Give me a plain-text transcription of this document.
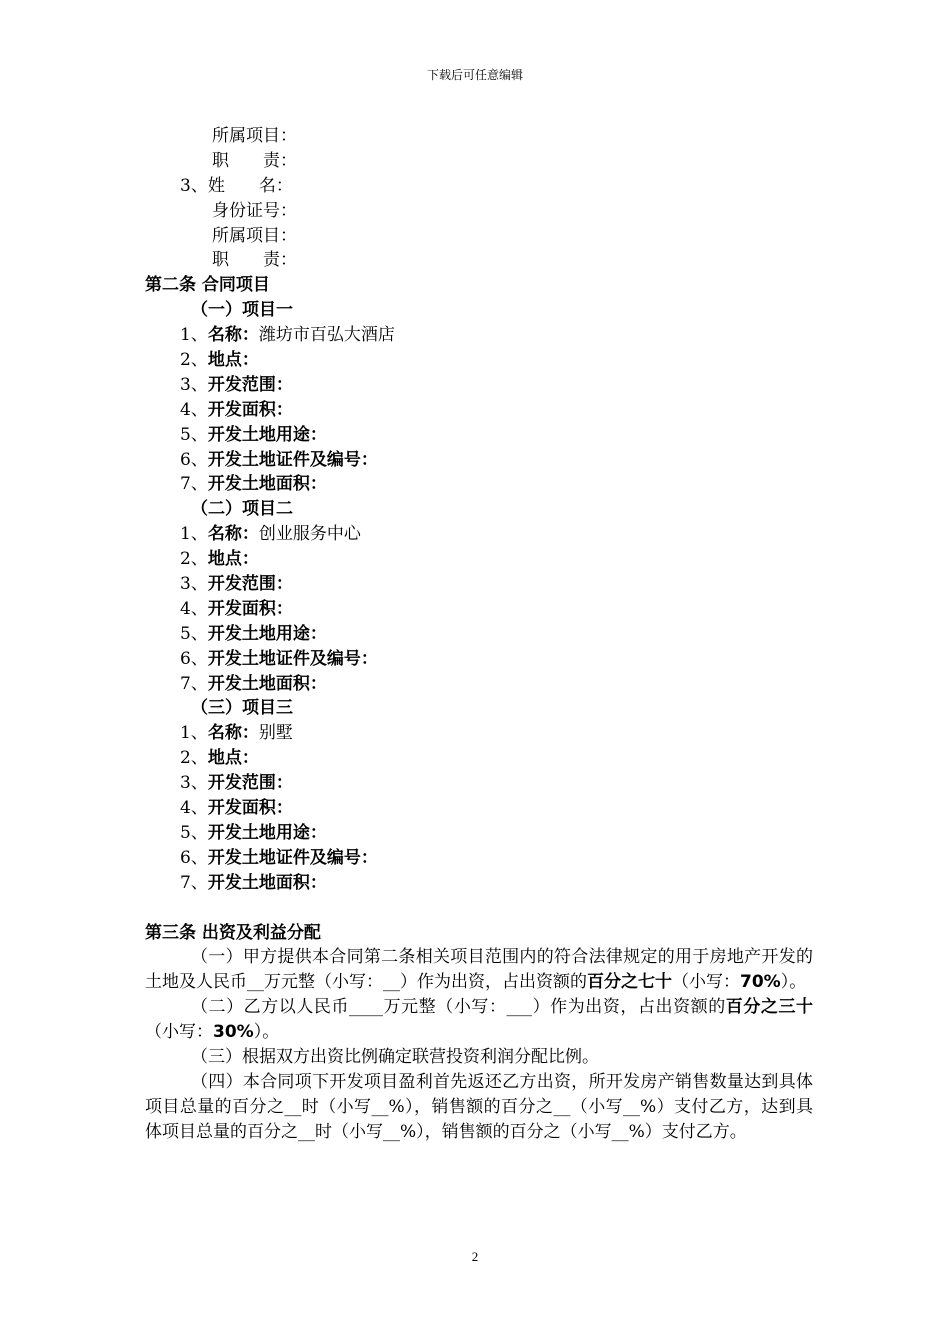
下载后可任意编辑
所属项目：
职　　责：
3、姓　　名：
身份证号：
所属项目：
职　　责：
第二条 合同项目
（一）项目一
1、名称：潍坊市百弘大酒店
2、地点：
3、开发范围：
4、开发面积：
5、开发土地用途：
6、开发土地证件及编号：
7、开发土地面积：
（二）项目二
1、名称：创业服务中心
2、地点：
3、开发范围：
4、开发面积：
5、开发土地用途：
6、开发土地证件及编号：
7、开发土地面积：
（三）项目三
1、名称：别墅
2、地点：
3、开发范围：
4、开发面积：
5、开发土地用途：
6、开发土地证件及编号：
7、开发土地面积：
第三条 出资及利益分配
（一）甲方提供本合同第二条相关项目范围内的符合法律规定的用于房地产开发的土地及人民币__万元整（小写：__）作为出资，占出资额的百分之七十（小写：70%）。
（二）乙方以人民币____万元整（小写：___）作为出资，占出资额的百分之三十（小写：30%）。
（三）根据双方出资比例确定联营投资利润分配比例。
（四）本合同项下开发项目盈利首先返还乙方出资，所开发房产销售数量达到具体项目总量的百分之__时（小写__%），销售额的百分之__（小写__%）支付乙方，达到具体项目总量的百分之__时（小写__%），销售额的百分之（小写__%）支付乙方。
2
